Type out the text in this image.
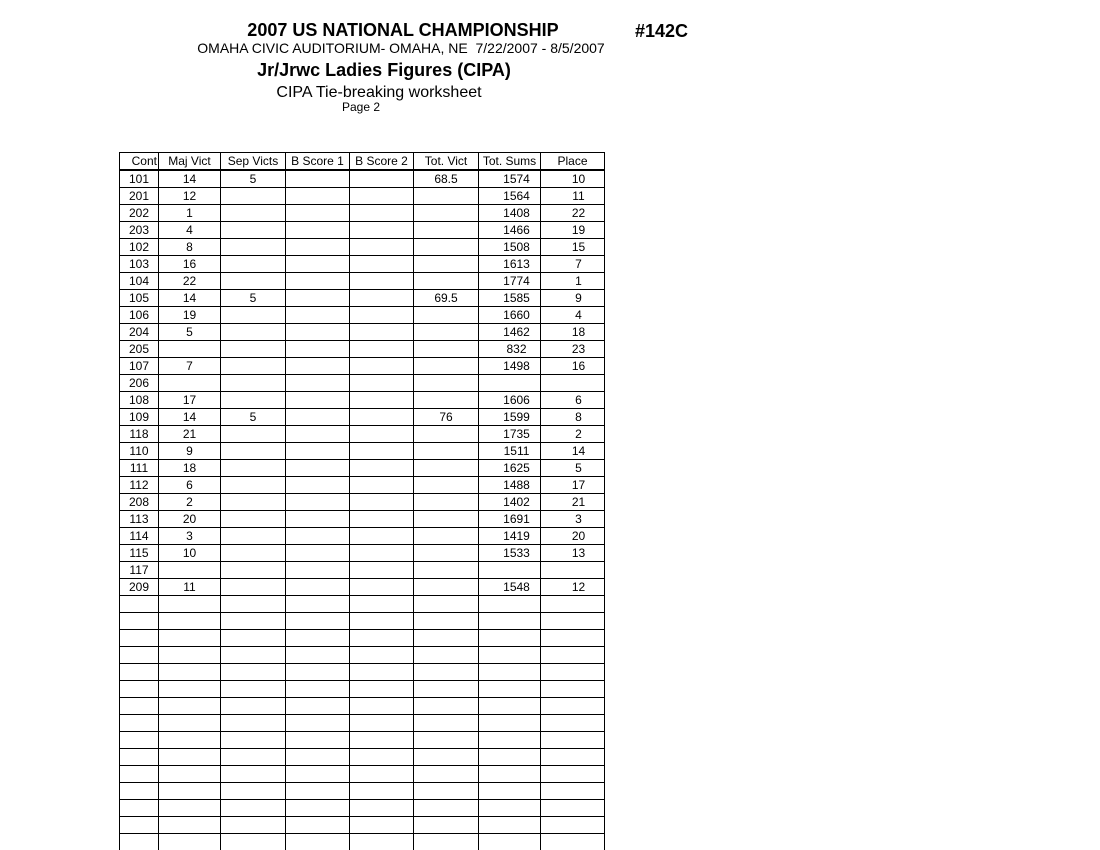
2007 US NATIONAL CHAMPIONSHIP	#142C
OMAHA CIVIC AUDITORIUM- OMAHA, NE  7/22/2007 - 8/5/2007
Jr/Jrwc Ladies Figures (CIPA)
CIPA Tie-breaking worksheet
Page 2
Cont	Maj Vict	Sep Victs	B Score 1	B Score 2	Tot. Vict	Tot. Sums	Place
101	14	5			68.5	1574	10
201	12					1564	11
202	1					1408	22
203	4					1466	19
102	8					1508	15
103	16					1613	7
104	22					1774	1
105	14	5			69.5	1585	9
106	19					1660	4
204	5					1462	18
205						832	23
107	7					1498	16
206							
108	17					1606	6
109	14	5			76	1599	8
118	21					1735	2
110	9					1511	14
111	18					1625	5
112	6					1488	17
208	2					1402	21
113	20					1691	3
114	3					1419	20
115	10					1533	13
117							
209	11					1548	12
